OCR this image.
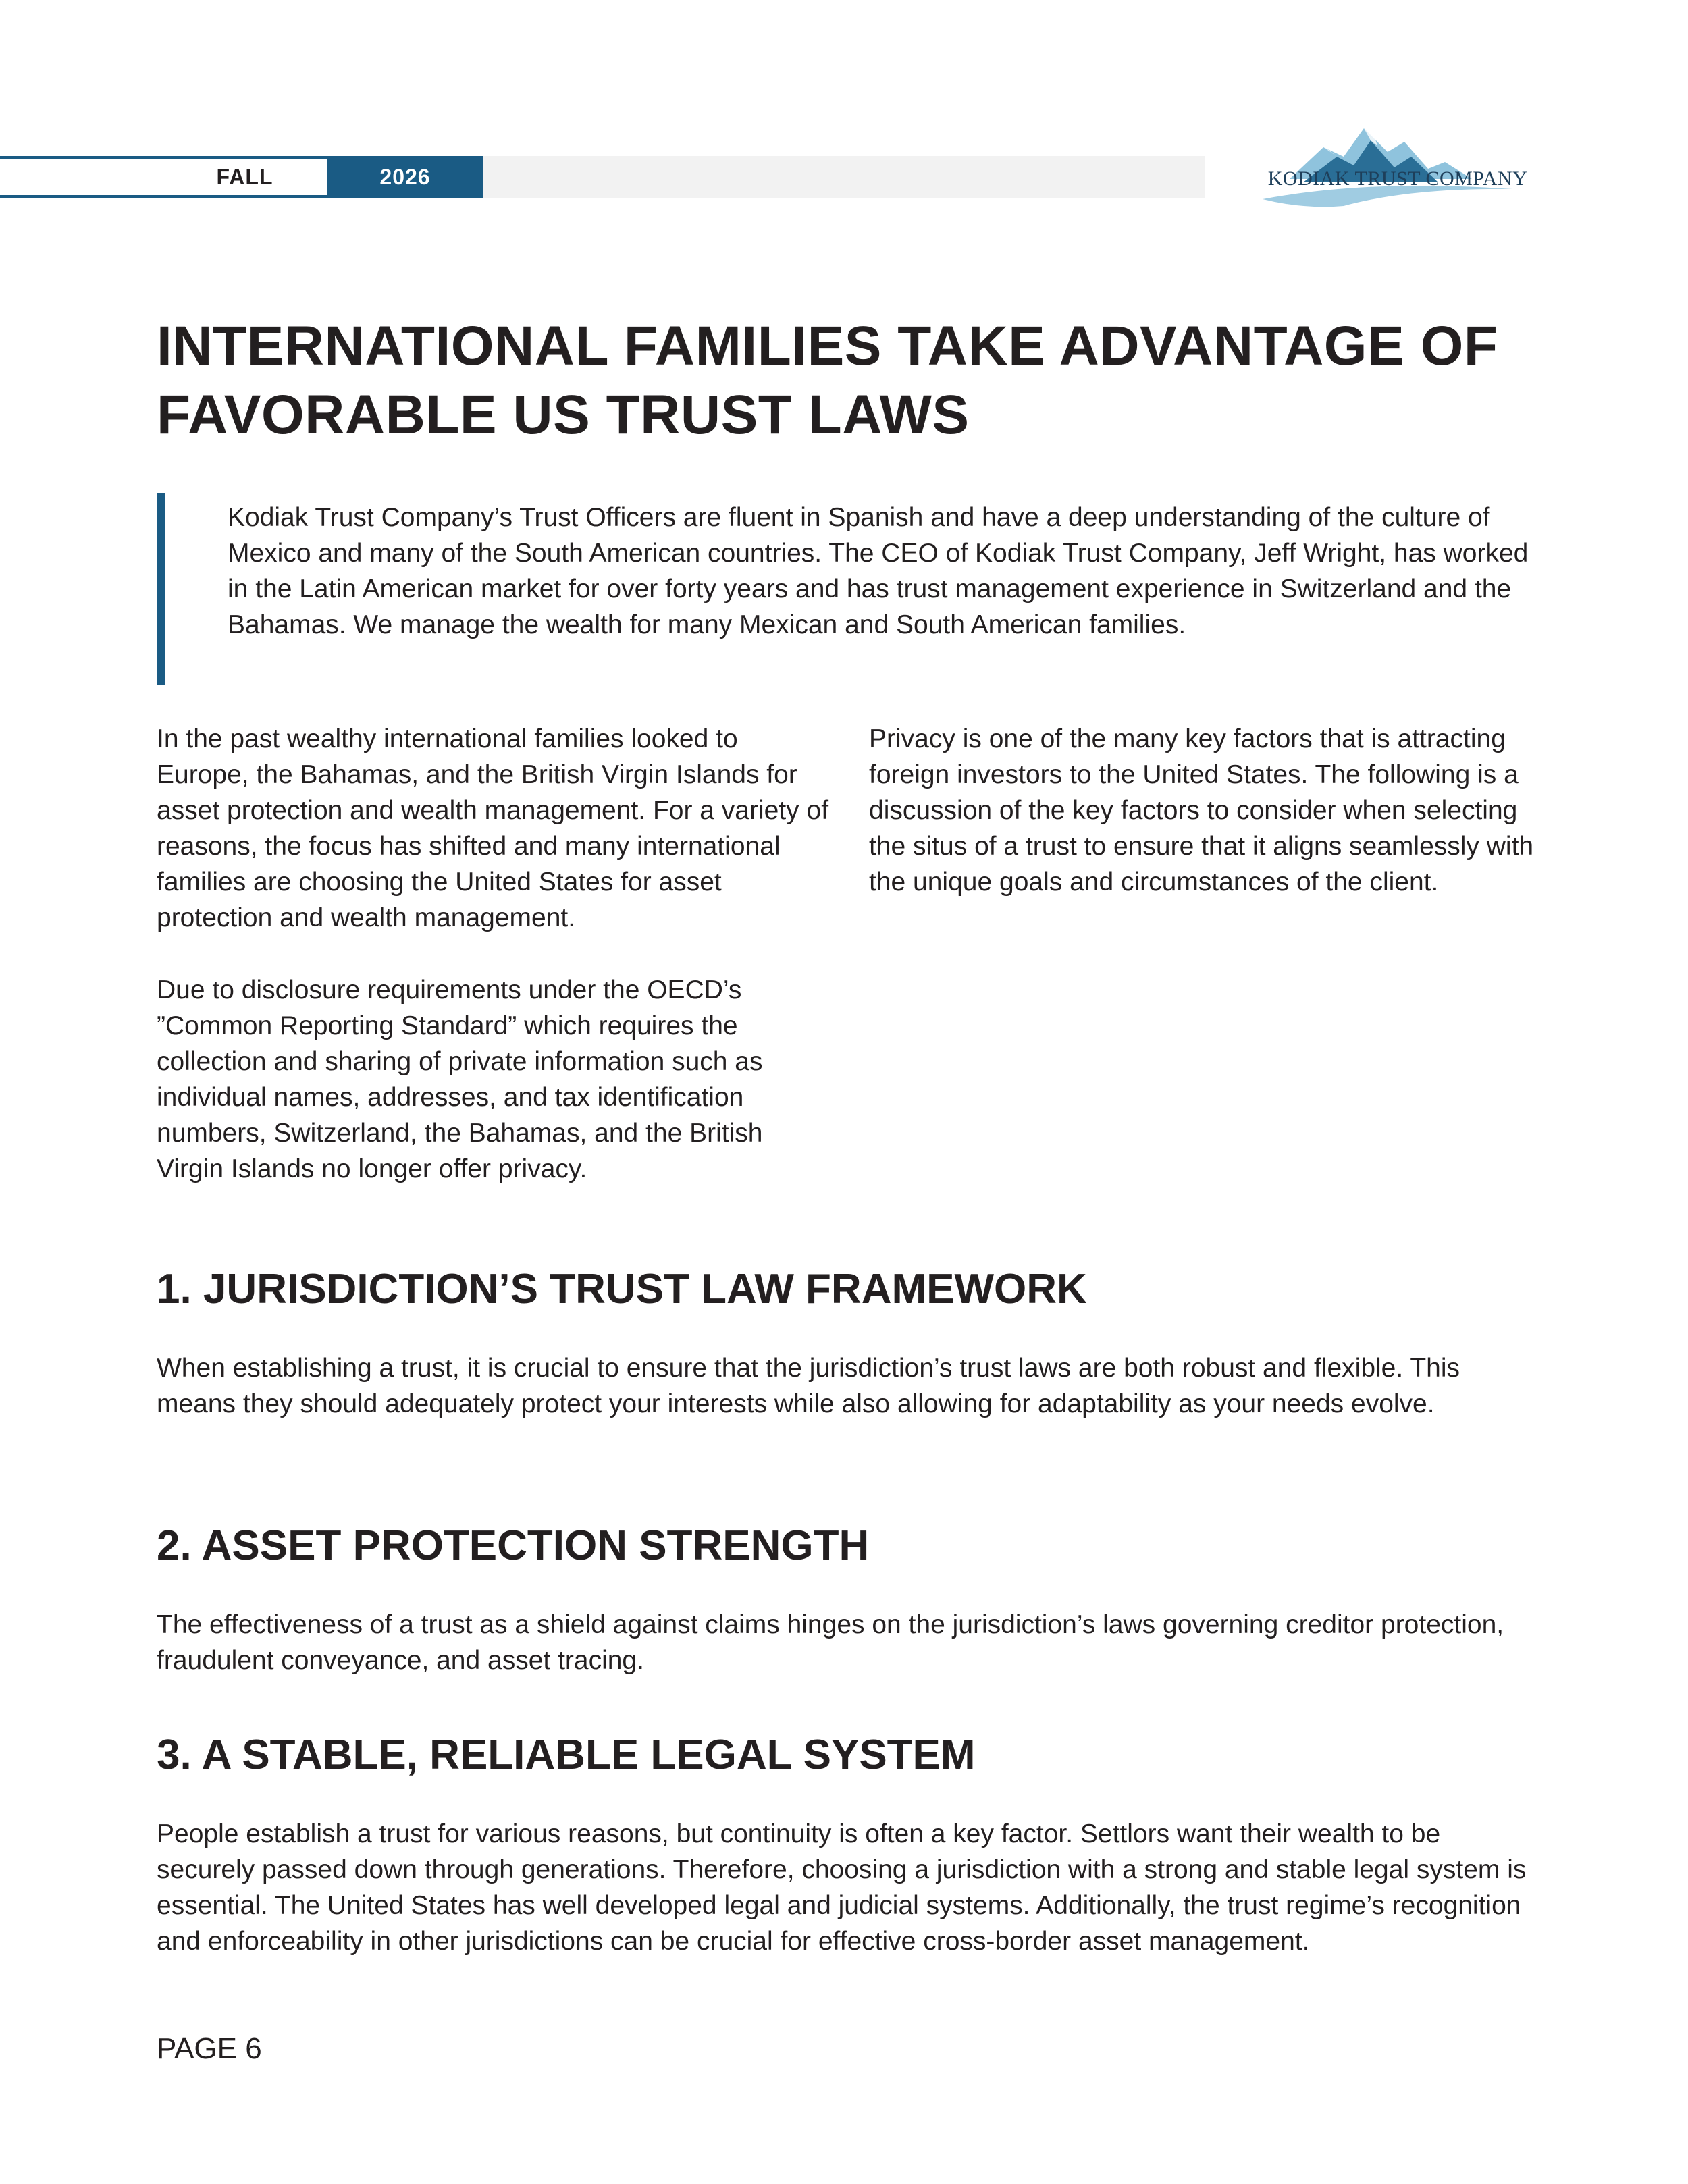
FALL	2026	KODIAK TRUST COMPANY
INTERNATIONAL FAMILIES TAKE ADVANTAGE OF FAVORABLE US TRUST LAWS

Kodiak Trust Company’s Trust Officers are fluent in Spanish and have a deep understanding of the culture of Mexico and many of the South American countries. The CEO of Kodiak Trust Company, Jeff Wright, has worked in the Latin American market for over forty years and has trust management experience in Switzerland and the Bahamas. We manage the wealth for many Mexican and South American families.

In the past wealthy international families looked to Europe, the Bahamas, and the British Virgin Islands for asset protection and wealth management. For a variety of reasons, the focus has shifted and many international families are choosing the United States for asset protection and wealth management.

Due to disclosure requirements under the OECD’s ”Common Reporting Standard” which requires the collection and sharing of private information such as individual names, addresses, and tax identification numbers, Switzerland, the Bahamas, and the British Virgin Islands no longer offer privacy.

Privacy is one of the many key factors that is attracting foreign investors to the United States. The following is a discussion of the key factors to consider when selecting the situs of a trust to ensure that it aligns seamlessly with the unique goals and circumstances of the client.

1. JURISDICTION’S TRUST LAW FRAMEWORK

When establishing a trust, it is crucial to ensure that the jurisdiction’s trust laws are both robust and flexible. This means they should adequately protect your interests while also allowing for adaptability as your needs evolve.

2. ASSET PROTECTION STRENGTH

The effectiveness of a trust as a shield against claims hinges on the jurisdiction’s laws governing creditor protection, fraudulent conveyance, and asset tracing.

3. A STABLE, RELIABLE LEGAL SYSTEM

People establish a trust for various reasons, but continuity is often a key factor. Settlors want their wealth to be securely passed down through generations. Therefore, choosing a jurisdiction with a strong and stable legal system is essential. The United States has well developed legal and judicial systems. Additionally, the trust regime’s recognition and enforceability in other jurisdictions can be crucial for effective cross-border asset management.

PAGE 6
